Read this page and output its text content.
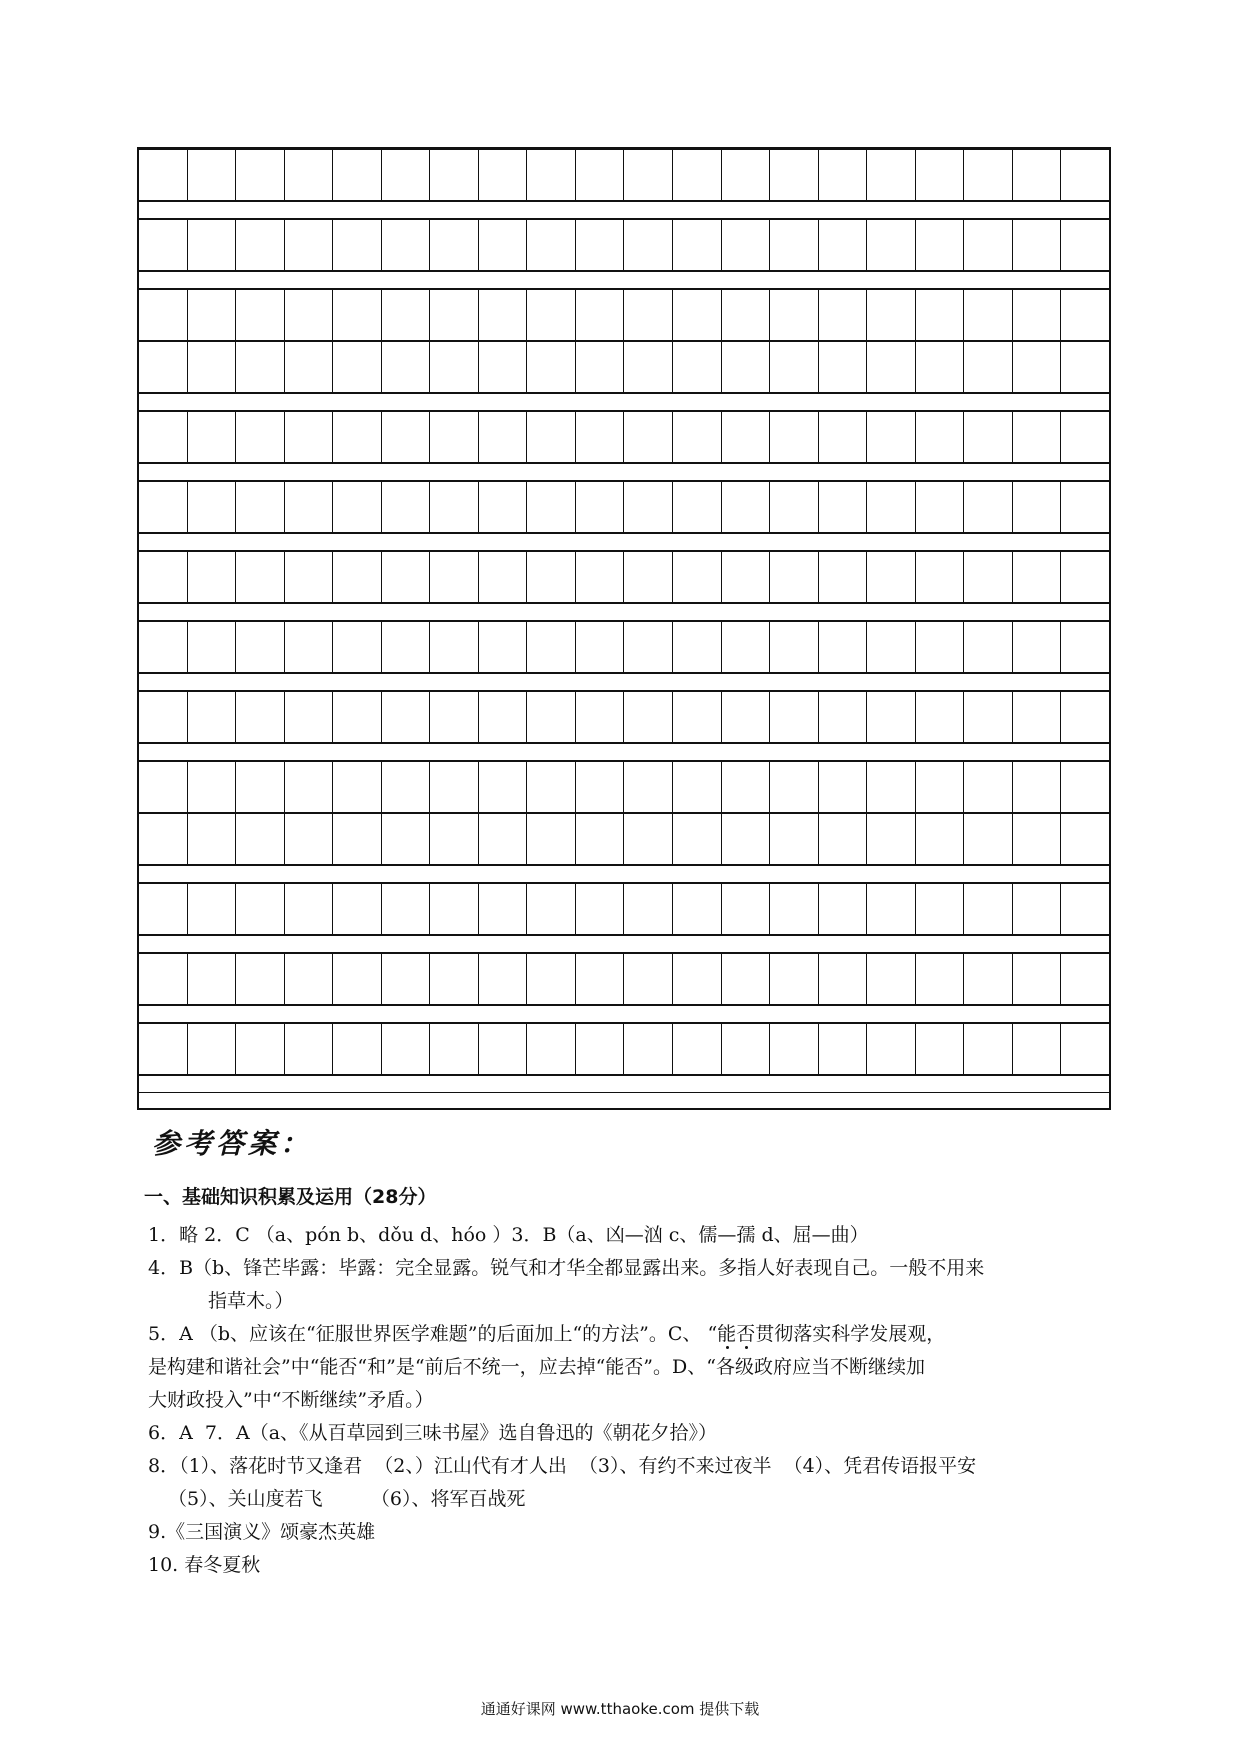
参考答案：
一、基础知识积累及运用（28分）
1．略 2．C （a、pón b、dǒu d、hóo ）3．B（a、凶—汹 c、儒—孺 d、屈—曲）
4．B（b、锋芒毕露：毕露：完全显露。锐气和才华全都显露出来。多指人好表现自己。一般不用来
指草木。）
5．A （b、应该在“征服世界医学难题”的后面加上“的方法”。C、 “能否贯彻落实科学发展观，
是构建和谐社会”中“能否“和”是“前后不统一，应去掉“能否”。D、“各级政府应当不断继续加
大财政投入”中“不断继续”矛盾。）
6．A  7．A（a、《从百草园到三味书屋》选自鲁迅的《朝花夕拾》）
8．（1）、落花时节又逢君  （2、）江山代有才人出  （3）、有约不来过夜半  （4）、凭君传语报平安
（5）、关山度若飞        （6）、将军百战死
9.《三国演义》颂豪杰英雄
10. 春冬夏秋
通通好课网 www.tthaoke.com 提供下载
